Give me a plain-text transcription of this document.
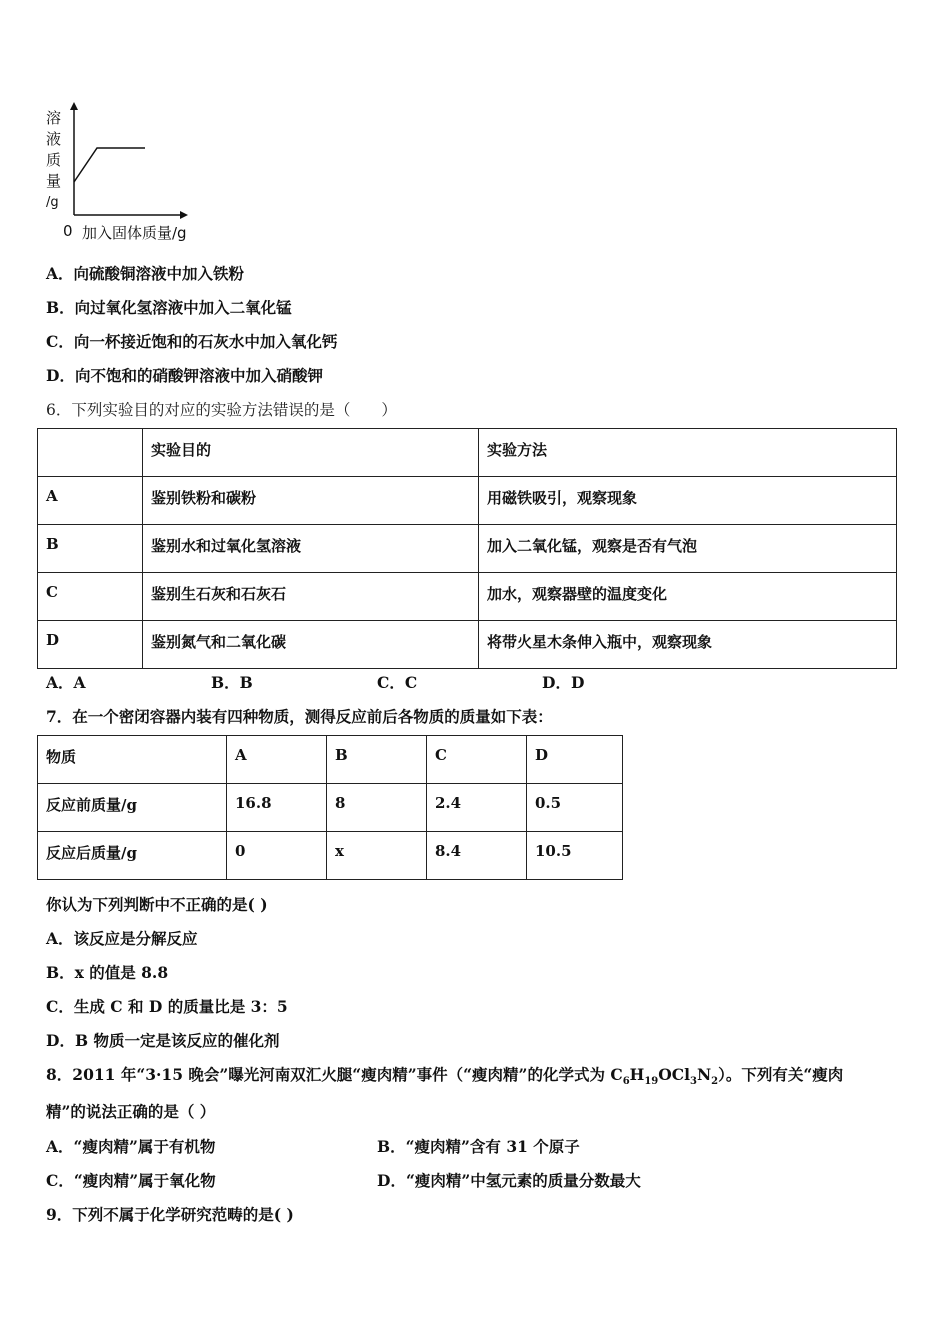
溶
液
质
量
/g
0 加入固体质量/g
A．向硫酸铜溶液中加入铁粉
B．向过氧化氢溶液中加入二氧化锰
C．向一杯接近饱和的石灰水中加入氧化钙
D．向不饱和的硝酸钾溶液中加入硝酸钾
6．下列实验目的对应的实验方法错误的是（　　）
	实验目的	实验方法
A	鉴别铁粉和碳粉	用磁铁吸引，观察现象
B	鉴别水和过氧化氢溶液	加入二氧化锰，观察是否有气泡
C	鉴别生石灰和石灰石	加水，观察器壁的温度变化
D	鉴别氮气和二氧化碳	将带火星木条伸入瓶中，观察现象
A．A	B．B	C．C	D．D
7．在一个密闭容器内装有四种物质，测得反应前后各物质的质量如下表：
物质	A	B	C	D
反应前质量/g	16.8	8	2.4	0.5
反应后质量/g	0	x	8.4	10.5
你认为下列判断中不正确的是( )
A．该反应是分解反应
B．x 的值是 8.8
C．生成 C 和 D 的质量比是 3：5
D．B 物质一定是该反应的催化剂
8．2011 年“3·15 晚会”曝光河南双汇火腿“瘦肉精”事件（“瘦肉精”的化学式为 $C_6H_{19}OCl_3N_2$）。下列有关“瘦肉
精”的说法正确的是（ ）
A．“瘦肉精”属于有机物	B．“瘦肉精”含有 31 个原子
C．“瘦肉精”属于氧化物	D．“瘦肉精”中氢元素的质量分数最大
9．下列不属于化学研究范畴的是( )
